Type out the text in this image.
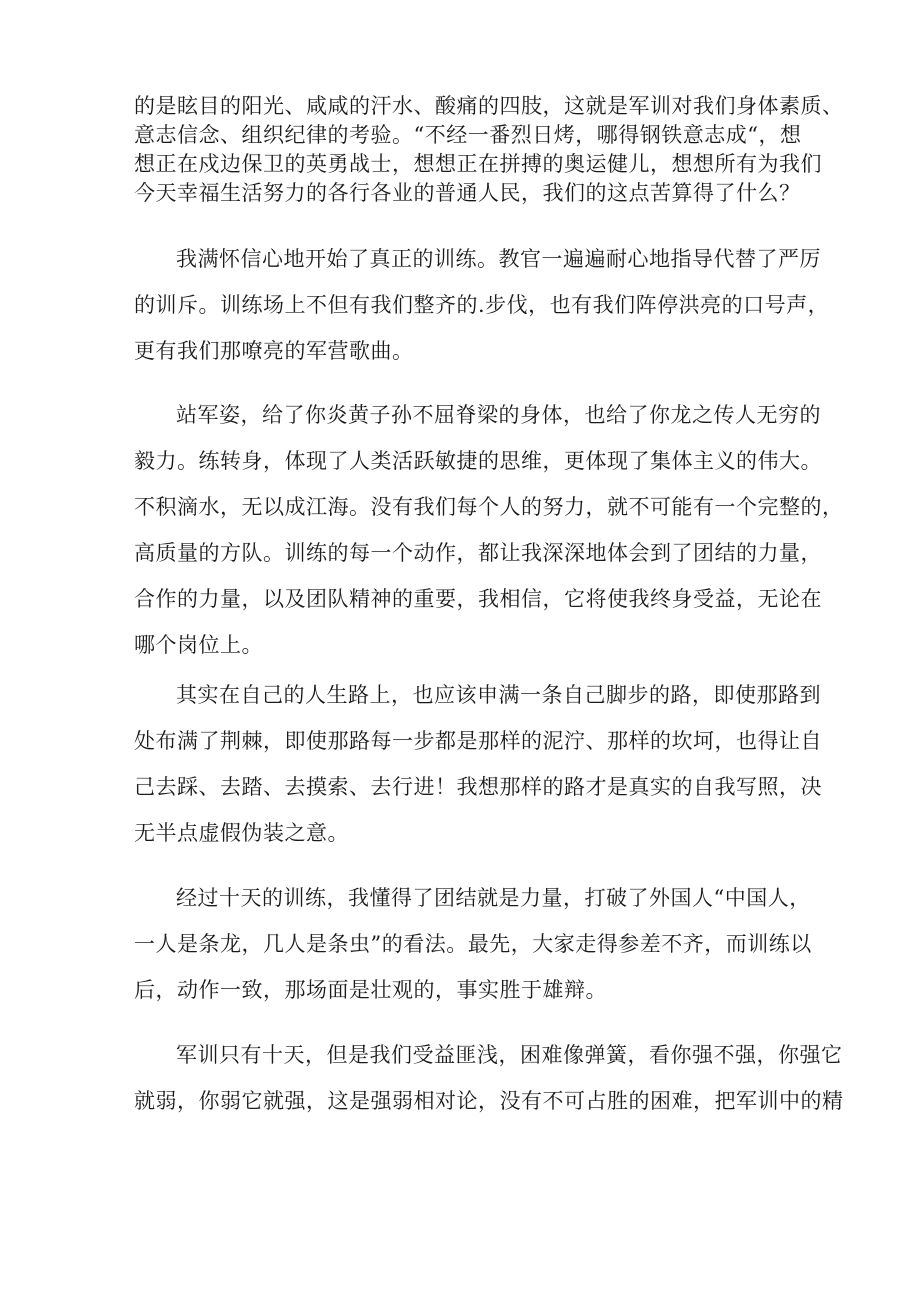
的是眩目的阳光、咸咸的汗水、酸痛的四肢，这就是军训对我们身体素质、
意志信念、组织纪律的考验。“不经一番烈日烤，哪得钢铁意志成“，想
想正在戍边保卫的英勇战士，想想正在拼搏的奥运健儿，想想所有为我们
今天幸福生活努力的各行各业的普通人民，我们的这点苦算得了什么？
我满怀信心地开始了真正的训练。教官一遍遍耐心地指导代替了严厉
的训斥。训练场上不但有我们整齐的.步伐，也有我们阵停洪亮的口号声，
更有我们那嘹亮的军营歌曲。
站军姿，给了你炎黄子孙不屈脊梁的身体，也给了你龙之传人无穷的
毅力。练转身，体现了人类活跃敏捷的思维，更体现了集体主义的伟大。
不积滴水，无以成江海。没有我们每个人的努力，就不可能有一个完整的，
高质量的方队。训练的每一个动作，都让我深深地体会到了团结的力量，
合作的力量，以及团队精神的重要，我相信，它将使我终身受益，无论在
哪个岗位上。
其实在自己的人生路上，也应该申满一条自己脚步的路，即使那路到
处布满了荆棘，即使那路每一步都是那样的泥泞、那样的坎坷，也得让自
己去踩、去踏、去摸索、去行进！我想那样的路才是真实的自我写照，决
无半点虚假伪装之意。
经过十天的训练，我懂得了团结就是力量，打破了外国人“中国人，
一人是条龙，几人是条虫”的看法。最先，大家走得参差不齐，而训练以
后，动作一致，那场面是壮观的，事实胜于雄辩。
军训只有十天，但是我们受益匪浅，困难像弹簧，看你强不强，你强它
就弱，你弱它就强，这是强弱相对论，没有不可占胜的困难，把军训中的精
